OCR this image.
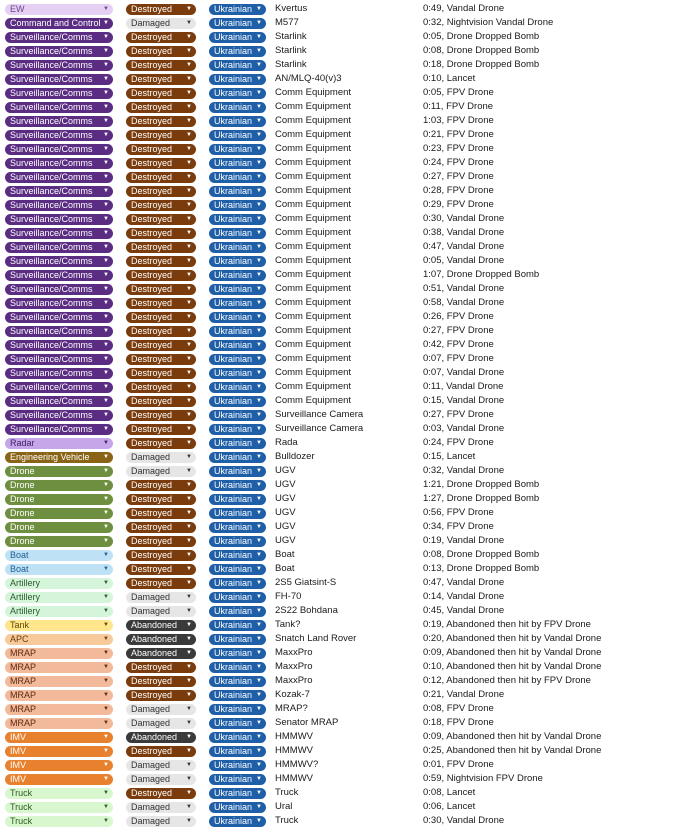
EW	▼	Destroyed ▼	Ukrainian ▼ Kvertus	0:49, Vandal Drone
Command and Control ▼	Damaged	▼	Ukrainian ▼ M577	0:32, Nightvision Vandal Drone
Surveillance/Comms ▼	Destroyed ▼	Ukrainian ▼ Starlink	0:05, Drone Dropped Bomb
Surveillance/Comms ▼	Destroyed ▼	Ukrainian ▼ Starlink	0:08, Drone Dropped Bomb
Surveillance/Comms ▼	Destroyed ▼	Ukrainian ▼ Starlink	0:18, Drone Dropped Bomb
Surveillance/Comms ▼	Destroyed ▼	Ukrainian ▼ AN/MLQ-40(v)3	0:10, Lancet
Surveillance/Comms ▼	Destroyed ▼	Ukrainian ▼ Comm Equipment	0:05, FPV Drone
Surveillance/Comms ▼	Destroyed ▼	Ukrainian ▼ Comm Equipment	0:11, FPV Drone
Surveillance/Comms ▼	Destroyed ▼	Ukrainian ▼ Comm Equipment	1:03, FPV Drone
Surveillance/Comms ▼	Destroyed ▼	Ukrainian ▼ Comm Equipment	0:21, FPV Drone
Surveillance/Comms ▼	Destroyed ▼	Ukrainian ▼ Comm Equipment	0:23, FPV Drone
Surveillance/Comms ▼	Destroyed ▼	Ukrainian ▼ Comm Equipment	0:24, FPV Drone
Surveillance/Comms ▼	Destroyed ▼	Ukrainian ▼ Comm Equipment	0:27, FPV Drone
Surveillance/Comms ▼	Destroyed ▼	Ukrainian ▼ Comm Equipment	0:28, FPV Drone
Surveillance/Comms ▼	Destroyed ▼	Ukrainian ▼ Comm Equipment	0:29, FPV Drone
Surveillance/Comms ▼	Destroyed ▼	Ukrainian ▼ Comm Equipment	0:30, Vandal Drone
Surveillance/Comms ▼	Destroyed ▼	Ukrainian ▼ Comm Equipment	0:38, Vandal Drone
Surveillance/Comms ▼	Destroyed ▼	Ukrainian ▼ Comm Equipment	0:47, Vandal Drone
Surveillance/Comms ▼	Destroyed ▼	Ukrainian ▼ Comm Equipment	0:05, Vandal Drone
Surveillance/Comms ▼	Destroyed ▼	Ukrainian ▼ Comm Equipment	1:07, Drone Dropped Bomb
Surveillance/Comms ▼	Destroyed ▼	Ukrainian ▼ Comm Equipment	0:51, Vandal Drone
Surveillance/Comms ▼	Destroyed ▼	Ukrainian ▼ Comm Equipment	0:58, Vandal Drone
Surveillance/Comms ▼	Destroyed ▼	Ukrainian ▼ Comm Equipment	0:26, FPV Drone
Surveillance/Comms ▼	Destroyed ▼	Ukrainian ▼ Comm Equipment	0:27, FPV Drone
Surveillance/Comms ▼	Destroyed ▼	Ukrainian ▼ Comm Equipment	0:42, FPV Drone
Surveillance/Comms ▼	Destroyed ▼	Ukrainian ▼ Comm Equipment	0:07, FPV Drone
Surveillance/Comms ▼	Destroyed ▼	Ukrainian ▼ Comm Equipment	0:07, Vandal Drone
Surveillance/Comms ▼	Destroyed ▼	Ukrainian ▼ Comm Equipment	0:11, Vandal Drone
Surveillance/Comms ▼	Destroyed ▼	Ukrainian ▼ Comm Equipment	0:15, Vandal Drone
Surveillance/Comms ▼	Destroyed ▼	Ukrainian ▼ Surveillance Camera	0:27, FPV Drone
Surveillance/Comms ▼	Destroyed ▼	Ukrainian ▼ Surveillance Camera	0:03, Vandal Drone
Radar	▼	Destroyed ▼	Ukrainian ▼ Rada	0:24, FPV Drone
Engineering Vehicle ▼	Damaged	▼	Ukrainian ▼ Bulldozer	0:15, Lancet
Drone	▼	Damaged	▼	Ukrainian ▼ UGV	0:32, Vandal Drone
Drone	▼	Destroyed ▼	Ukrainian ▼ UGV	1:21, Drone Dropped Bomb
Drone	▼	Destroyed ▼	Ukrainian ▼ UGV	1:27, Drone Dropped Bomb
Drone	▼	Destroyed ▼	Ukrainian ▼ UGV	0:56, FPV Drone
Drone	▼	Destroyed ▼	Ukrainian ▼ UGV	0:34, FPV Drone
Drone	▼	Destroyed ▼	Ukrainian ▼ UGV	0:19, Vandal Drone
Boat	▼	Destroyed ▼	Ukrainian ▼ Boat	0:08, Drone Dropped Bomb
Boat	▼	Destroyed ▼	Ukrainian ▼ Boat	0:13, Drone Dropped Bomb
Artillery	▼	Destroyed ▼	Ukrainian ▼ 2S5 Giatsint-S	0:47, Vandal Drone
Artillery	▼	Damaged	▼	Ukrainian ▼ FH-70	0:14, Vandal Drone
Artillery	▼	Damaged	▼	Ukrainian ▼ 2S22 Bohdana	0:45, Vandal Drone
Tank	▼	Abandoned ▼	Ukrainian ▼ Tank?	0:19, Abandoned then hit by FPV Drone
APC	▼	Abandoned ▼	Ukrainian ▼ Snatch Land Rover	0:20, Abandoned then hit by Vandal Drone
MRAP	▼	Abandoned ▼	Ukrainian ▼ MaxxPro	0:09, Abandoned then hit by Vandal Drone
MRAP	▼	Destroyed ▼	Ukrainian ▼ MaxxPro	0:10, Abandoned then hit by Vandal Drone
MRAP	▼	Destroyed ▼	Ukrainian ▼ MaxxPro	0:12, Abandoned then hit by FPV Drone
MRAP	▼	Destroyed ▼	Ukrainian ▼ Kozak-7	0:21, Vandal Drone
MRAP	▼	Damaged	▼	Ukrainian ▼ MRAP?	0:08, FPV Drone
MRAP	▼	Damaged	▼	Ukrainian ▼ Senator MRAP	0:18, FPV Drone
IMV	▼	Abandoned ▼	Ukrainian ▼ HMMWV	0:09, Abandoned then hit by Vandal Drone
IMV	▼	Destroyed ▼	Ukrainian ▼ HMMWV	0:25, Abandoned then hit by Vandal Drone
IMV	▼	Damaged	▼	Ukrainian ▼ HMMWV?	0:01, FPV Drone
IMV	▼	Damaged	▼	Ukrainian ▼ HMMWV	0:59, Nightvision FPV Drone
Truck	▼	Destroyed ▼	Ukrainian ▼ Truck	0:08, Lancet
Truck	▼	Damaged	▼	Ukrainian ▼ Ural	0:06, Lancet
Truck	▼	Damaged	▼	Ukrainian ▼ Truck	0:30, Vandal Drone
